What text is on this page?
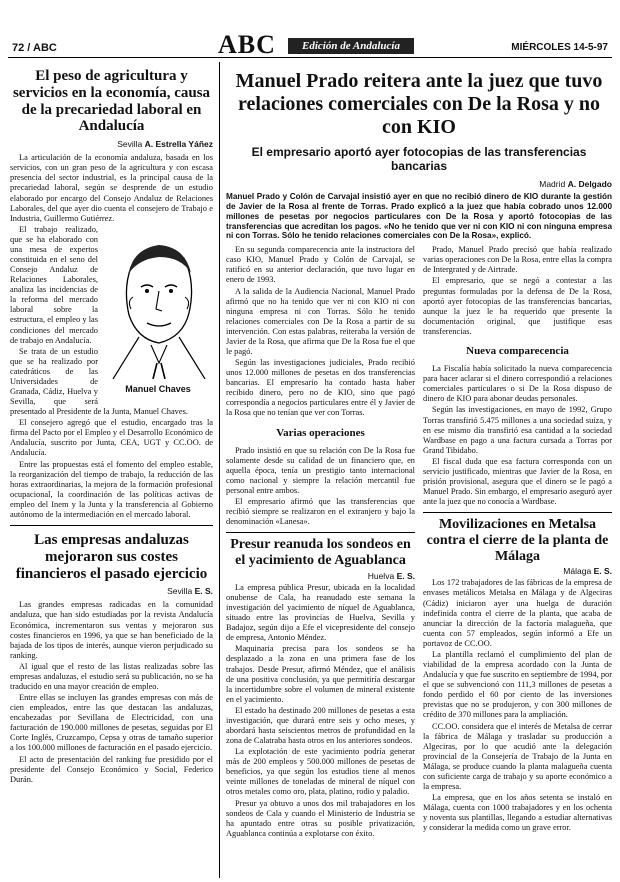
72 / ABC	ABC	Edición de Andalucía	MIÉRCOLES 14-5-97
El peso de agricultura y servicios en la economía, causa de la precariedad laboral en Andalucía
Sevilla A. Estrella Yáñez

La articulación de la economía andaluza, basada en los servicios, con un gran peso de la agricultura y con escasa presencia del sector industrial, es la principal causa de la precariedad laboral, según se desprende de un estudio elaborado por encargo del Consejo Andaluz de Relaciones Laborales, del que ayer dio cuenta el consejero de Trabajo e Industria, Guillermo Gutiérrez.

Manuel Chaves

El trabajo realizado, que se ha elaborado con una mesa de expertos constituida en el seno del Consejo Andaluz de Relaciones Laborales, analiza las incidencias de la reforma del mercado laboral sobre la estructura, el empleo y las condiciones del mercado de trabajo en Andalucía.

Se trata de un estudio que se ha realizado por catedráticos de las Universidades de Granada, Cádiz, Huelva y Sevilla, que será presentado al Presidente de la Junta, Manuel Chaves.

El consejero agregó que el estudio, encargado tras la firma del Pacto por el Empleo y el Desarrollo Económico de Andalucía, suscrito por Junta, CEA, UGT y CC.OO. de Andalucía.

Entre las propuestas está el fomento del empleo estable, la reorganización del tiempo de trabajo, la reducción de las horas extraordinarias, la mejora de la formación profesional ocupacional, la coordinación de las políticas activas de empleo del Inem y la Junta y la transferencia al Gobierno autónomo de la intermediación en el mercado laboral.

Las empresas andaluzas mejoraron sus costes financieros el pasado ejercicio
Sevilla E. S.

Las grandes empresas radicadas en la comunidad andaluza, que han sido estudiadas por la revista Andalucía Económica, incrementaron sus ventas y mejoraron sus costes financieros en 1996, ya que se han beneficiado de la bajada de los tipos de interés, aunque vieron perjudicado su ranking.

Al igual que el resto de las listas realizadas sobre las empresas andaluzas, el estudio será su publicación, no se ha traducido en una mayor creación de empleo.

Entre ellas se incluyen las grandes empresas con más de cien empleados, entre las que destacan las andaluzas, encabezadas por Sevillana de Electricidad, con una facturación de 190.000 millones de pesetas, seguidas por El Corte Inglés, Cruzcampo, Cepsa y otras de tamaño superior a los 100.000 millones de facturación en el pasado ejercicio.

El acto de presentación del ranking fue presidido por el presidente del Consejo Económico y Social, Federico Durán.

Manuel Prado reitera ante la juez que tuvo relaciones comerciales con De la Rosa y no con KIO
El empresario aportó ayer fotocopias de las transferencias bancarias
Madrid A. Delgado
Manuel Prado y Colón de Carvajal insistió ayer en que no recibió dinero de KIO durante la gestión de Javier de la Rosa al frente de Torras. Prado explicó a la juez que había cobrado unos 12.000 millones de pesetas por negocios particulares con De la Rosa y aportó fotocopias de las transferencias que acreditan los pagos. «No he tenido que ver ni con KIO ni con ninguna empresa ni con Torras. Sólo he tenido relaciones comerciales con De la Rosa», explicó.

En su segunda comparecencia ante la instructora del caso KIO, Manuel Prado y Colón de Carvajal, se ratificó en su anterior declaración, que tuvo lugar en enero de 1993.

A la salida de la Audiencia Nacional, Manuel Prado afirmó que no ha tenido que ver ni con KIO ni con ninguna empresa ni con Torras. Sólo he tenido relaciones comerciales con De la Rosa a partir de su intervención. Con estas palabras, reiteraba la versión de Javier de la Rosa, que afirma que De la Rosa fue el que le pagó.

Según las investigaciones judiciales, Prado recibió unos 12.000 millones de pesetas en dos transferencias bancarias. El empresario ha contado hasta haber recibido dinero, pero no de KIO, sino que pagó correspondía a negocios particulares entre él y Javier de la Rosa que no tenían que ver con Torras.

Varias operaciones

Prado insistió en que su relación con De la Rosa fue solamente desde su calidad de un financiero que, en aquella época, tenía un prestigio tanto internacional como nacional y siempre la relación mercantil fue personal entre ambos.

El empresario afirmó que las transferencias que recibió siempre se realizaron en el extranjero y bajo la denominación «Lanesa».

Presur reanuda los sondeos en el yacimiento de Aguablanca
Huelva E. S.

La empresa pública Presur, ubicada en la localidad onubense de Cala, ha reanudado este semana la investigación del yacimiento de níquel de Aguablanca, situado entre las provincias de Huelva, Sevilla y Badajoz, según dijo a Efe el vicepresidente del consejo de empresa, Antonio Méndez.

Maquinaria precisa para los sondeos se ha desplazado a la zona en una primera fase de los trabajos. Desde Presur, afirmó Méndez, que el análisis de una positiva conclusión, ya que permitiría descargar la incertidumbre sobre el volumen de mineral existente en el yacimiento.

El estado ha destinado 200 millones de pesetas a esta investigación, que durará entre seis y ocho meses, y abordará hasta seiscientos metros de profundidad en la zona de Calatraba hasta otros en los anteriores sondeos.

La explotación de este yacimiento podría generar más de 200 empleos y 500.000 millones de pesetas de beneficios, ya que según los estudios tiene al menos veinte millones de toneladas de mineral de níquel con otros metales como oro, plata, platino, rodio y paladio.

Presur ya obtuvo a unos dos mil trabajadores en los sondeos de Cala y cuando el Ministerio de Industria se ha apuntado entre otras su posible privatización, Aguablanca continúa a explotarse con éxito.

Prado, Manuel Prado precisó que había realizado varias operaciones con De la Rosa, entre ellas la compra de Intergrated y de Airtrade.

El empresario, que se negó a contestar a las preguntas formuladas por la defensa de De la Rosa, aportó ayer fotocopias de las transferencias bancarias, aunque la juez le ha requerido que presente la documentación original, que justifique esas transferencias.

Nueva comparecencia

La Fiscalía había solicitado la nueva comparecencia para hacer aclarar si el dinero correspondió a relaciones comerciales particulares o si De la Rosa dispuso de dinero de KIO para abonar deudas personales.

Según las investigaciones, en mayo de 1992, Grupo Torras transfirió 5.475 millones a una sociedad suiza, y en ese mismo día transfirió esa cantidad a la sociedad Wardbase en pago a una factura cursada a Torras por Grand Tibidabo.

El fiscal duda que esa factura corresponda con un servicio justificado, mientras que Javier de la Rosa, en prisión provisional, asegura que el dinero se le pagó a Manuel Prado. Sin embargo, el empresario aseguró ayer ante la juez que no conocía a Wardbase.

Movilizaciones en Metalsa contra el cierre de la planta de Málaga
Málaga E. S.

Los 172 trabajadores de las fábricas de la empresa de envases metálicos Metalsa en Málaga y de Algeciras (Cádiz) iniciaron ayer una huelga de duración indefinida contra el cierre de la planta, que acaba de anunciar la dirección de la factoría malagueña, que cuenta con 57 empleados, según informó a Efe un portavoz de CC.OO.

La plantilla reclamó el cumplimiento del plan de viabilidad de la empresa acordado con la Junta de Andalucía y que fue suscrito en septiembre de 1994, por el que se subvencionó con 111,3 millones de pesetas a fondo perdido el 60 por ciento de las inversiones previstas que no se produjeron, y con 300 millones de crédito de 370 millones para la ampliación.

CC.OO. considera que el interés de Metalsa de cerrar la fábrica de Málaga y trasladar su producción a Algeciras, por lo que acudió ante la delegación provincial de la Consejería de Trabajo de la Junta en Málaga, se produce cuando la planta malagueña cuenta con suficiente carga de trabajo y su aporte económico a la empresa.

La empresa, que en los años setenta se instaló en Málaga, cuenta con 1000 trabajadores y en los ochenta y noventa sus plantillas, llegando a estudiar alternativas y considerar la medida como un grave error.
